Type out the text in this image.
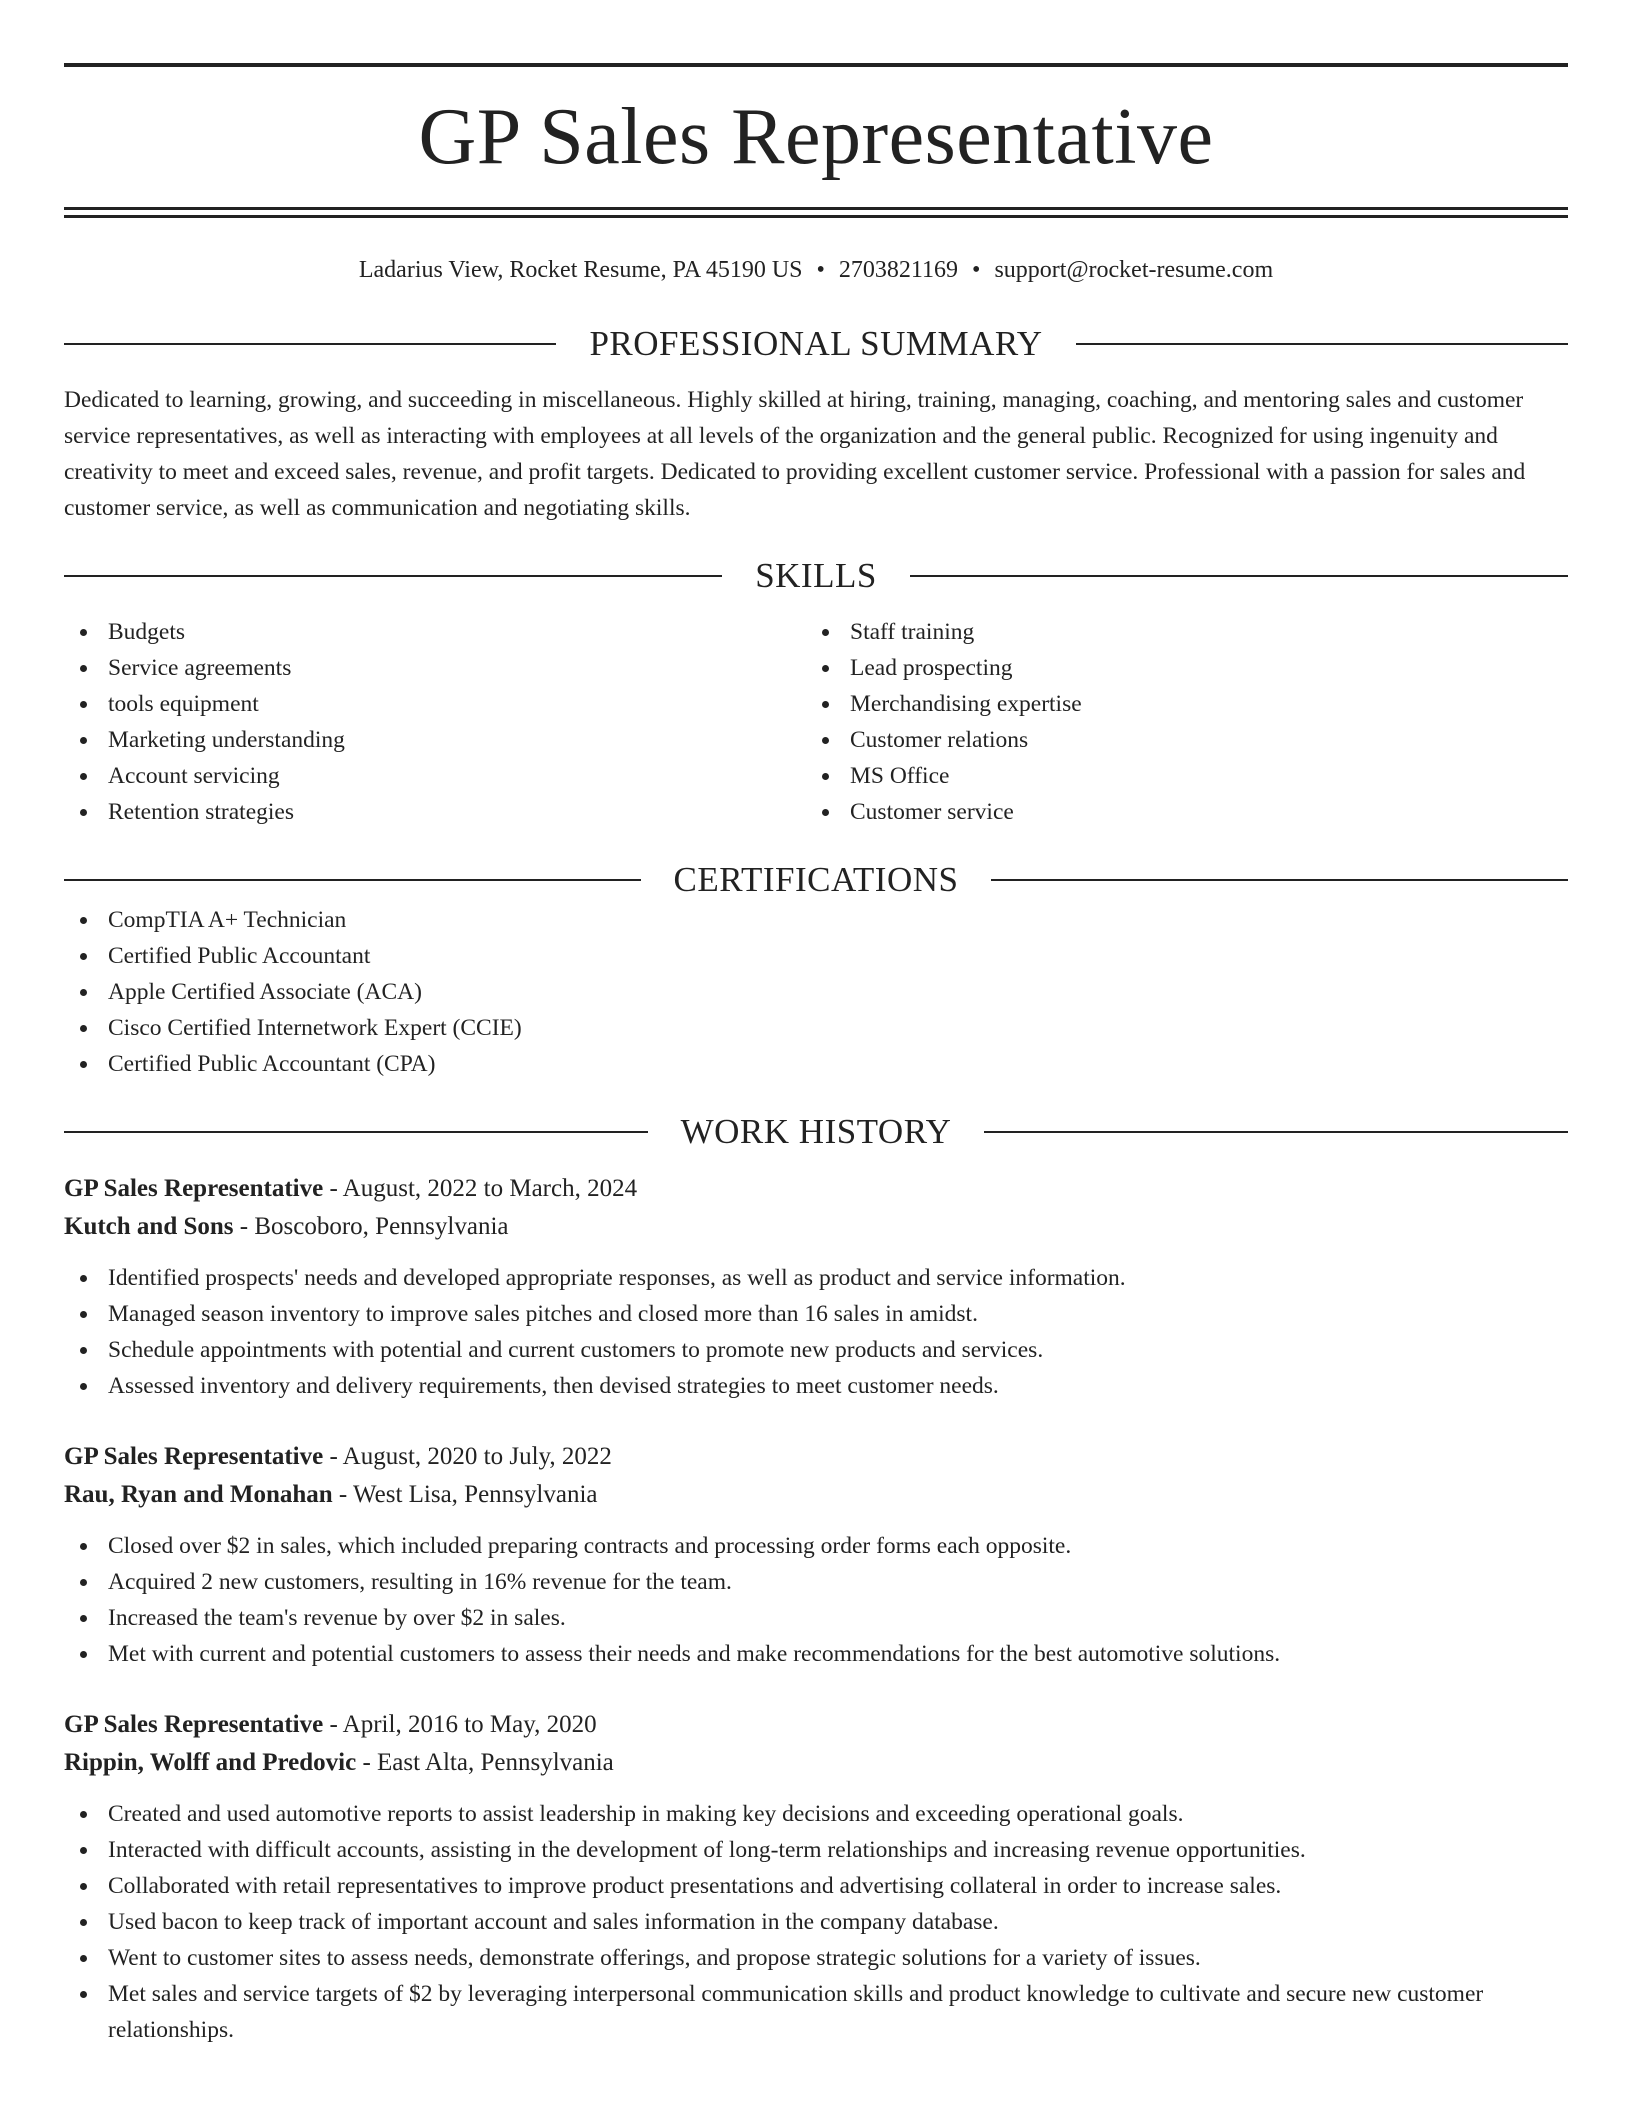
GP Sales Representative
Ladarius View, Rocket Resume, PA 45190 US • 2703821169 • support@rocket-resume.com
PROFESSIONAL SUMMARY

Dedicated to learning, growing, and succeeding in miscellaneous. Highly skilled at hiring, training, managing, coaching, and mentoring sales and customer service representatives, as well as interacting with employees at all levels of the organization and the general public. Recognized for using ingenuity and creativity to meet and exceed sales, revenue, and profit targets. Dedicated to providing excellent customer service. Professional with a passion for sales and customer service, as well as communication and negotiating skills.

SKILLS
Budgets
Service agreements
tools equipment
Marketing understanding
Account servicing
Retention strategies
Staff training
Lead prospecting
Merchandising expertise
Customer relations
MS Office
Customer service
CERTIFICATIONS
CompTIA A+ Technician
Certified Public Accountant
Apple Certified Associate (ACA)
Cisco Certified Internetwork Expert (CCIE)
Certified Public Accountant (CPA)
WORK HISTORY
GP Sales Representative - August, 2022 to March, 2024
Kutch and Sons - Boscoboro, Pennsylvania
Identified prospects' needs and developed appropriate responses, as well as product and service information.
Managed season inventory to improve sales pitches and closed more than 16 sales in amidst.
Schedule appointments with potential and current customers to promote new products and services.
Assessed inventory and delivery requirements, then devised strategies to meet customer needs.
GP Sales Representative - August, 2020 to July, 2022
Rau, Ryan and Monahan - West Lisa, Pennsylvania
Closed over $2 in sales, which included preparing contracts and processing order forms each opposite.
Acquired 2 new customers, resulting in 16% revenue for the team.
Increased the team's revenue by over $2 in sales.
Met with current and potential customers to assess their needs and make recommendations for the best automotive solutions.
GP Sales Representative - April, 2016 to May, 2020
Rippin, Wolff and Predovic - East Alta, Pennsylvania
Created and used automotive reports to assist leadership in making key decisions and exceeding operational goals.
Interacted with difficult accounts, assisting in the development of long-term relationships and increasing revenue opportunities.
Collaborated with retail representatives to improve product presentations and advertising collateral in order to increase sales.
Used bacon to keep track of important account and sales information in the company database.
Went to customer sites to assess needs, demonstrate offerings, and propose strategic solutions for a variety of issues.
Met sales and service targets of $2 by leveraging interpersonal communication skills and product knowledge to cultivate and secure new customer relationships.
